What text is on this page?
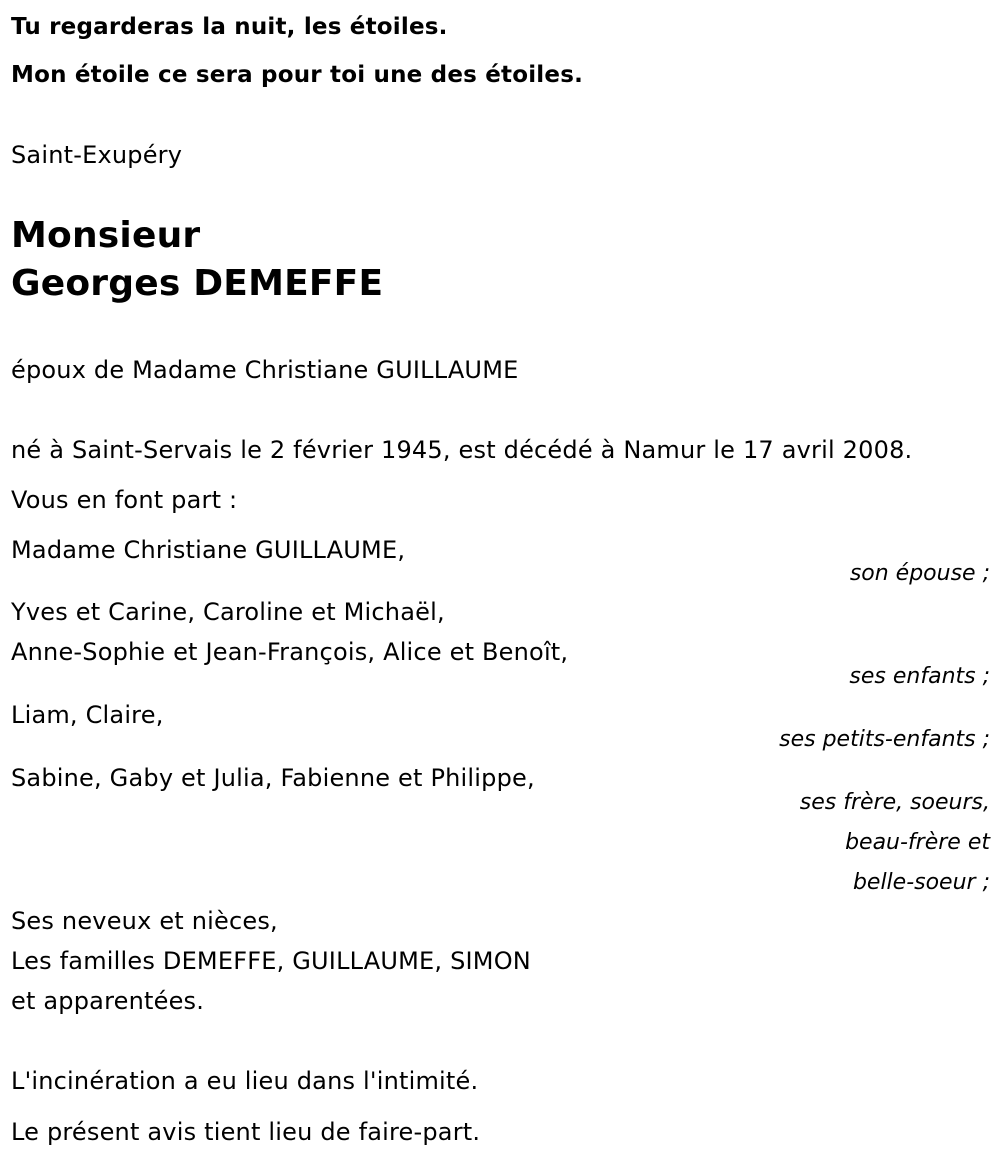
Tu regarderas la nuit, les étoiles.
Mon étoile ce sera pour toi une des étoiles.
Saint-Exupéry
Monsieur
Georges DEMEFFE
époux de Madame Christiane GUILLAUME
né à Saint-Servais le 2 février 1945, est décédé à Namur le 17 avril 2008.
Vous en font part :
Madame Christiane GUILLAUME,
son épouse ;
Yves et Carine, Caroline et Michaël,
Anne-Sophie et Jean-François, Alice et Benoît,
ses enfants ;
Liam, Claire,
ses petits-enfants ;
Sabine, Gaby et Julia, Fabienne et Philippe,
ses frère, soeurs,
beau-frère et
belle-soeur ;
Ses neveux et nièces,
Les familles DEMEFFE, GUILLAUME, SIMON
et apparentées.
L'incinération a eu lieu dans l'intimité.
Le présent avis tient lieu de faire-part.
